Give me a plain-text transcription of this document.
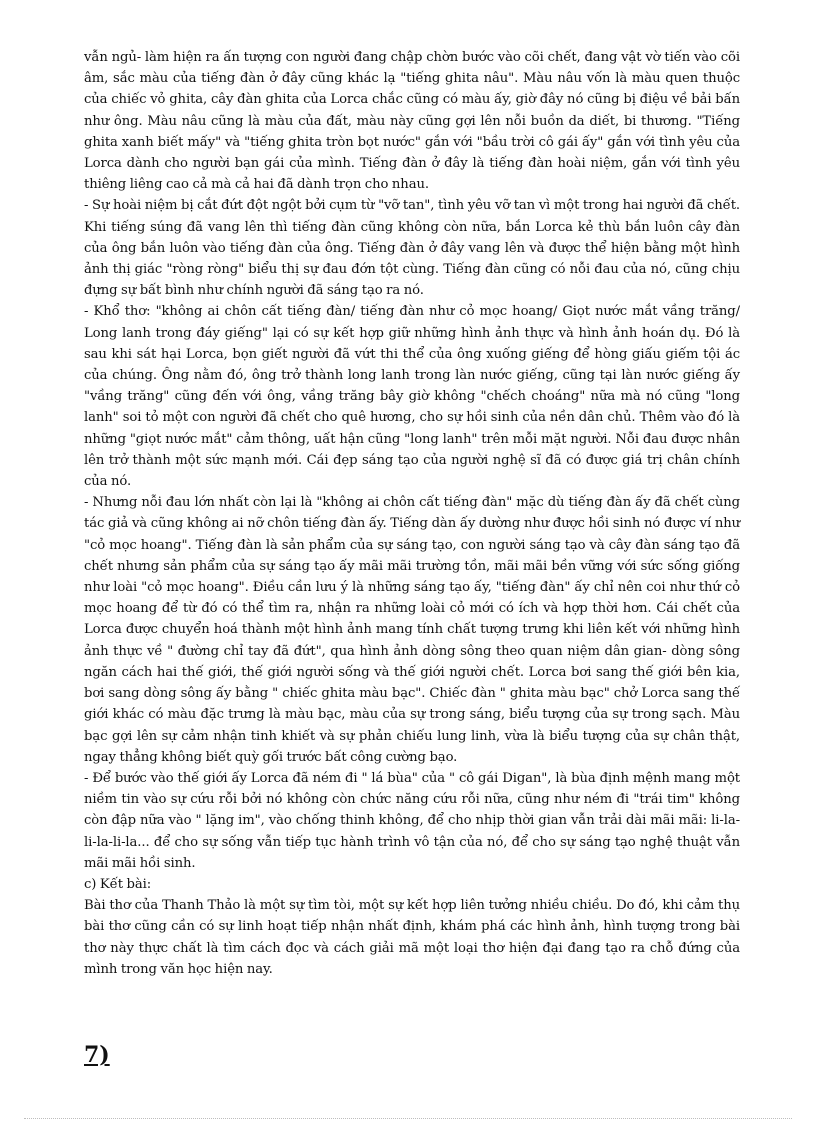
vẫn ngủ- làm hiện ra ấn tượng con người đang chập chờn bước vào cõi chết, đang vật vờ tiến vào cõi âm, sắc màu của tiếng đàn ở đây cũng khác lạ "tiếng ghita nâu". Màu nâu vốn là màu quen thuộc của chiếc vỏ ghita, cây đàn ghita của Lorca chắc cũng có màu ấy, giờ đây nó cũng bị điệu về bải bấn như ông. Màu nâu cũng là màu của đất, màu này cũng gợi lên nỗi buồn da diết, bi thương. "Tiếng ghita xanh biết mấy" và "tiếng ghita tròn bọt nước" gắn với "bầu trời cô gái ấy" gắn với tình yêu của Lorca dành cho người bạn gái của mình. Tiếng đàn ở đây là tiếng đàn hoài niệm, gắn với tình yêu thiêng liêng cao cả mà cả hai đã dành trọn cho nhau.

- Sự hoài niệm bị cắt đứt đột ngột bởi cụm từ "vỡ tan", tình yêu vỡ tan vì một trong hai người đã chết. Khi tiếng súng đã vang lên thì tiếng đàn cũng không còn nữa, bắn Lorca kẻ thù bắn luôn cây đàn của ông bắn luôn vào tiếng đàn của ông. Tiếng đàn ở đây vang lên và được thể hiện bằng một hình ảnh thị giác "ròng ròng" biểu thị sự đau đớn tột cùng. Tiếng đàn cũng có nỗi đau của nó, cũng chịu đựng sự bất bình như chính người đã sáng tạo ra nó.

- Khổ thơ: "không ai chôn cất tiếng đàn/ tiếng đàn như cỏ mọc hoang/ Giọt nước mắt vầng trăng/ Long lanh trong đáy giếng" lại có sự kết hợp giữ những hình ảnh thực và hình ảnh hoán dụ. Đó là sau khi sát hại Lorca, bọn giết người đã vứt thi thể của ông xuống giếng để hòng giấu giếm tội ác của chúng. Ông nằm đó, ông trở thành long lanh trong làn nước giếng, cũng tại làn nước giếng ấy "vầng trăng" cũng đến với ông, vầng trăng bây giờ không "chếch choáng" nữa mà nó cũng "long lanh" soi tỏ một con người đã chết cho quê hương, cho sự hồi sinh của nền dân chủ. Thêm vào đó là những "giọt nước mắt" cảm thông, uất hận cũng "long lanh" trên mỗi mặt người. Nỗi đau được nhân lên trở thành một sức mạnh mới. Cái đẹp sáng tạo của người nghệ sĩ đã có được giá trị chân chính của nó.

- Nhưng nỗi đau lớn nhất còn lại là "không ai chôn cất tiếng đàn" mặc dù tiếng đàn ấy đã chết cùng tác giả và cũng không ai nỡ chôn tiếng đàn ấy. Tiếng dàn ấy dường như được hồi sinh nó được ví như "cỏ mọc hoang". Tiếng đàn là sản phẩm của sự sáng tạo, con người sáng tạo và cây đàn sáng tạo đã chết nhưng sản phẩm của sự sáng tạo ấy mãi mãi trường tồn, mãi mãi bền vững với sức sống giống như loài "cỏ mọc hoang". Điều cần lưu ý là những sáng tạo ấy, "tiếng đàn" ấy chỉ nên coi như thứ cỏ mọc hoang để từ đó có thể tìm ra, nhận ra những loài cỏ mới có ích và hợp thời hơn. Cái chết của Lorca được chuyển hoá thành một hình ảnh mang tính chất tượng trưng khi liên kết với những hình ảnh thực về " đường chỉ tay đã đứt", qua hình ảnh dòng sông theo quan niệm dân gian- dòng sông ngăn cách hai thế giới, thế giới người sống và thế giới người chết. Lorca bơi sang thế giới bên kia, bơi sang dòng sông ấy bằng " chiếc ghita màu bạc". Chiếc đàn " ghita màu bạc" chở Lorca sang thế giới khác có màu đặc trưng là màu bạc, màu của sự trong sáng, biểu tượng của sự trong sạch. Màu bạc gợi lên sự cảm nhận tinh khiết và sự phản chiếu lung linh, vừa là biểu tượng của sự chân thật, ngay thẳng không biết quỳ gối trước bất công cường bạo.

- Để bước vào thế giới ấy Lorca đã ném đi " lá bùa" của " cô gái Digan", là bùa định mệnh mang một niềm tin vào sự cứu rỗi bởi nó không còn chức năng cứu rỗi nữa, cũng như ném đi "trái tim" không còn đập nữa vào " lặng im", vào chống thinh không, để cho nhịp thời gian vẫn trải dài mãi mãi: li-la-li-la-li-la... để cho sự sống vẫn tiếp tục hành trình vô tận của nó, để cho sự sáng tạo nghệ thuật vẫn mãi mãi hồi sinh.

c) Kết bài:

Bài thơ của Thanh Thảo là một sự tìm tòi, một sự kết hợp liên tưởng nhiều chiều. Do đó, khi cảm thụ bài thơ cũng cần có sự linh hoạt tiếp nhận nhất định, khám phá các hình ảnh, hình tượng trong bài thơ này thực chất là tìm cách đọc và cách giải mã một loại thơ hiện đại đang tạo ra chỗ đứng của mình trong văn học hiện nay.

7)
